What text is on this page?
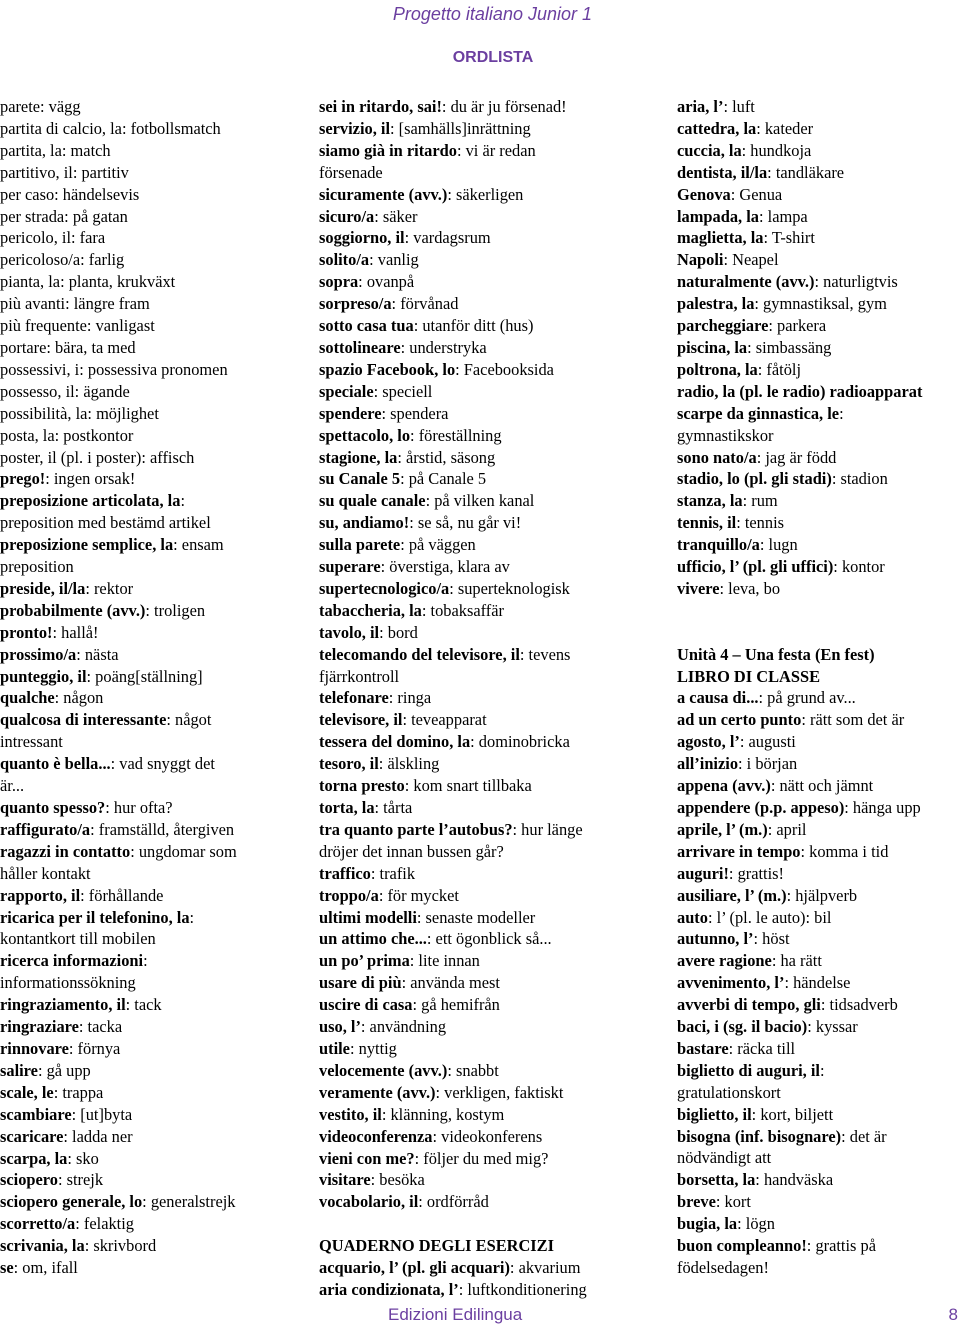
Progetto italiano Junior 1
ORDLISTA
parete: vägg
partita di calcio, la: fotbollsmatch
partita, la: match
partitivo, il: partitiv
per caso: händelsevis
per strada: på gatan
pericolo, il: fara
pericoloso/a: farlig
pianta, la: planta, krukväxt
più avanti: längre fram
più frequente: vanligast
portare: bära, ta med
possessivi, i: possessiva pronomen
possesso, il: ägande
possibilità, la: möjlighet
posta, la: postkontor
poster, il (pl. i poster): affisch
prego!: ingen orsak!
preposizione articolata, la:
preposition med bestämd artikel
preposizione semplice, la: ensam
preposition
preside, il/la: rektor
probabilmente (avv.): troligen
pronto!: hallå!
prossimo/a: nästa
punteggio, il: poäng[ställning]
qualche: någon
qualcosa di interessante: något
intressant
quanto è bella...: vad snyggt det
är...
quanto spesso?: hur ofta?
raffigurato/a: framställd, återgiven
ragazzi in contatto: ungdomar som
håller kontakt
rapporto, il: förhållande
ricarica per il telefonino, la:
kontantkort till mobilen
ricerca informazioni:
informationssökning
ringraziamento, il: tack
ringraziare: tacka
rinnovare: förnya
salire: gå upp
scale, le: trappa
scambiare: [ut]byta
scaricare: ladda ner
scarpa, la: sko
sciopero: strejk
sciopero generale, lo: generalstrejk
scorretto/a: felaktig
scrivania, la: skrivbord
se: om, ifall
sei in ritardo, sai!: du är ju försenad!
servizio, il: [samhälls]inrättning
siamo già in ritardo: vi är redan
försenade
sicuramente (avv.): säkerligen
sicuro/a: säker
soggiorno, il: vardagsrum
solito/a: vanlig
sopra: ovanpå
sorpreso/a: förvånad
sotto casa tua: utanför ditt (hus)
sottolineare: understryka
spazio Facebook, lo: Facebooksida
speciale: speciell
spendere: spendera
spettacolo, lo: föreställning
stagione, la: årstid, säsong
su Canale 5: på Canale 5
su quale canale: på vilken kanal
su, andiamo!: se så, nu går vi!
sulla parete: på väggen
superare: överstiga, klara av
supertecnologico/a: superteknologisk
tabaccheria, la: tobaksaffär
tavolo, il: bord
telecomando del televisore, il: tevens
fjärrkontroll
telefonare: ringa
televisore, il: teveapparat
tessera del domino, la: dominobricka
tesoro, il: älskling
torna presto: kom snart tillbaka
torta, la: tårta
tra quanto parte l’autobus?: hur länge
dröjer det innan bussen går?
traffico: trafik
troppo/a: för mycket
ultimi modelli: senaste modeller
un attimo che...: ett ögonblick så...
un po’ prima: lite innan
usare di più: använda mest
uscire di casa: gå hemifrån
uso, l’: användning
utile: nyttig
velocemente (avv.): snabbt
veramente (avv.): verkligen, faktiskt
vestito, il: klänning, kostym
videoconferenza: videokonferens
vieni con me?: följer du med mig?
visitare: besöka
vocabolario, il: ordförråd
QUADERNO DEGLI ESERCIZI
acquario, l’ (pl. gli acquari): akvarium
aria condizionata, l’: luftkonditionering
aria, l’: luft
cattedra, la: kateder
cuccia, la: hundkoja
dentista, il/la: tandläkare
Genova: Genua
lampada, la: lampa
maglietta, la: T-shirt
Napoli: Neapel
naturalmente (avv.): naturligtvis
palestra, la: gymnastiksal, gym
parcheggiare: parkera
piscina, la: simbassäng
poltrona, la: fåtölj
radio, la (pl. le radio) radioapparat
scarpe da ginnastica, le:
gymnastikskor
sono nato/a: jag är född
stadio, lo (pl. gli stadi): stadion
stanza, la: rum
tennis, il: tennis
tranquillo/a: lugn
ufficio, l’ (pl. gli uffici): kontor
vivere: leva, bo
Unità 4 – Una festa (En fest)
LIBRO DI CLASSE
a causa di...: på grund av...
ad un certo punto: rätt som det är
agosto, l’: augusti
all’inizio: i början
appena (avv.): nätt och jämnt
appendere (p.p. appeso): hänga upp
aprile, l’ (m.): april
arrivare in tempo: komma i tid
auguri!: grattis!
ausiliare, l’ (m.): hjälpverb
auto: l’ (pl. le auto): bil
autunno, l’: höst
avere ragione: ha rätt
avvenimento, l’: händelse
avverbi di tempo, gli: tidsadverb
baci, i (sg. il bacio): kyssar
bastare: räcka till
biglietto di auguri, il:
gratulationskort
biglietto, il: kort, biljett
bisogna (inf. bisognare): det är
nödvändigt att
borsetta, la: handväska
breve: kort
bugia, la: lögn
buon compleanno!: grattis på
födelsedagen!
Edizioni Edilingua	8
